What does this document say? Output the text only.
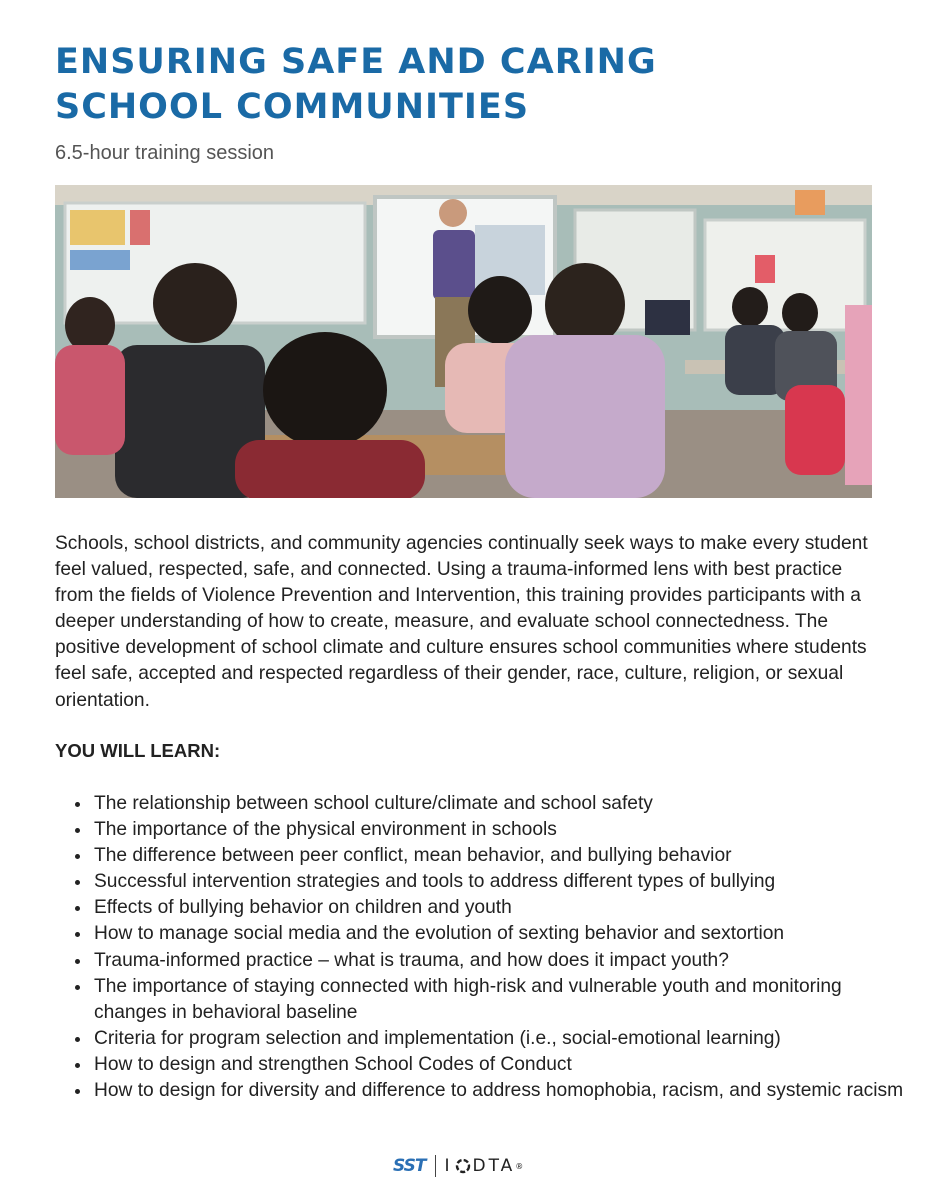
ENSURING SAFE AND CARING
SCHOOL COMMUNITIES
6.5-hour training session

Schools, school districts, and community agencies continually seek ways to make every student feel valued, respected, safe, and connected. Using a trauma-informed lens with best practice from the fields of Violence Prevention and Intervention, this training provides participants with a deeper understanding of how to create, measure, and evaluate school connectedness. The positive development of school climate and culture ensures school communities where students feel safe, accepted and respected regardless of their gender, race, culture, religion, or sexual orientation.

YOU WILL LEARN:
The relationship between school culture/climate and school safety
The importance of the physical environment in schools
The difference between peer conflict, mean behavior, and bullying behavior
Successful intervention strategies and tools to address different types of bullying
Effects of bullying behavior on children and youth
How to manage social media and the evolution of sexting behavior and sextortion
Trauma-informed practice – what is trauma, and how does it impact youth?
The importance of staying connected with high-risk and vulnerable youth and monitoring changes in behavioral baseline
Criteria for program selection and implementation (i.e., social-emotional learning)
How to design and strengthen School Codes of Conduct
How to design for diversity and difference to address homophobia, racism, and systemic racism
SST I DTA ®
